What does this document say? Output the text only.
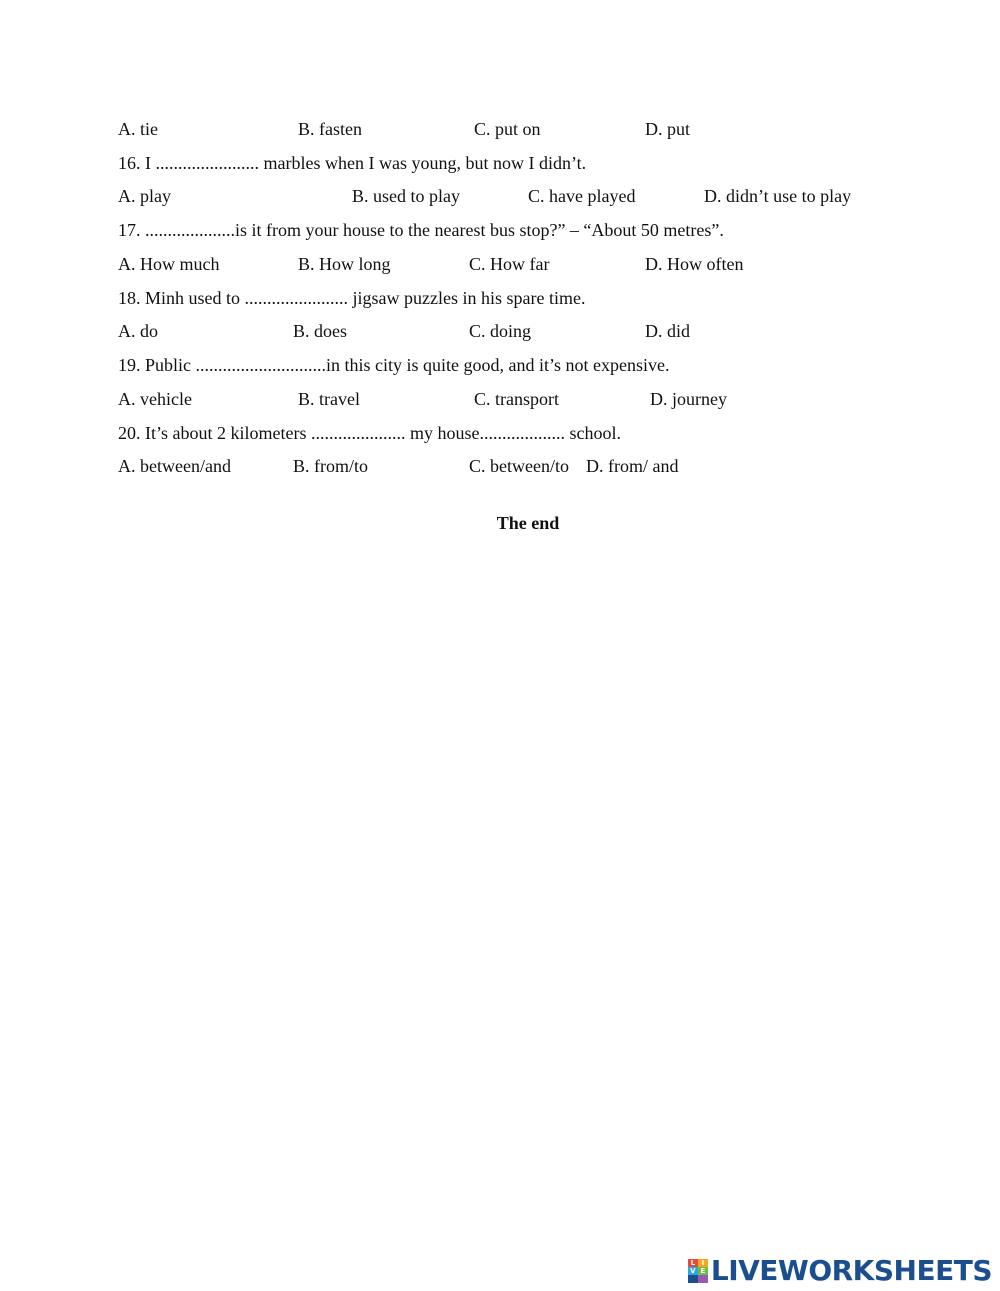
A. tie	B. fasten	C. put on	D. put
16. I ....................... marbles when I was young, but now I didn’t.
A. play	B. used to play	C. have played	D. didn’t use to play
17. ....................is it from your house to the nearest bus stop?” – “About 50 metres”.
A. How much	B. How long	C. How far	D. How often
18. Minh used to ....................... jigsaw puzzles in his spare time.
A. do	B. does	C. doing	D. did
19. Public .............................in this city is quite good, and it’s not expensive.
A. vehicle	B. travel	C. transport	D. journey
20. It’s about 2 kilometers ..................... my house................... school.
A. between/and	B. from/to	C. between/to D. from/ and
The end
L I
V E LIVEWORKSHEETS
